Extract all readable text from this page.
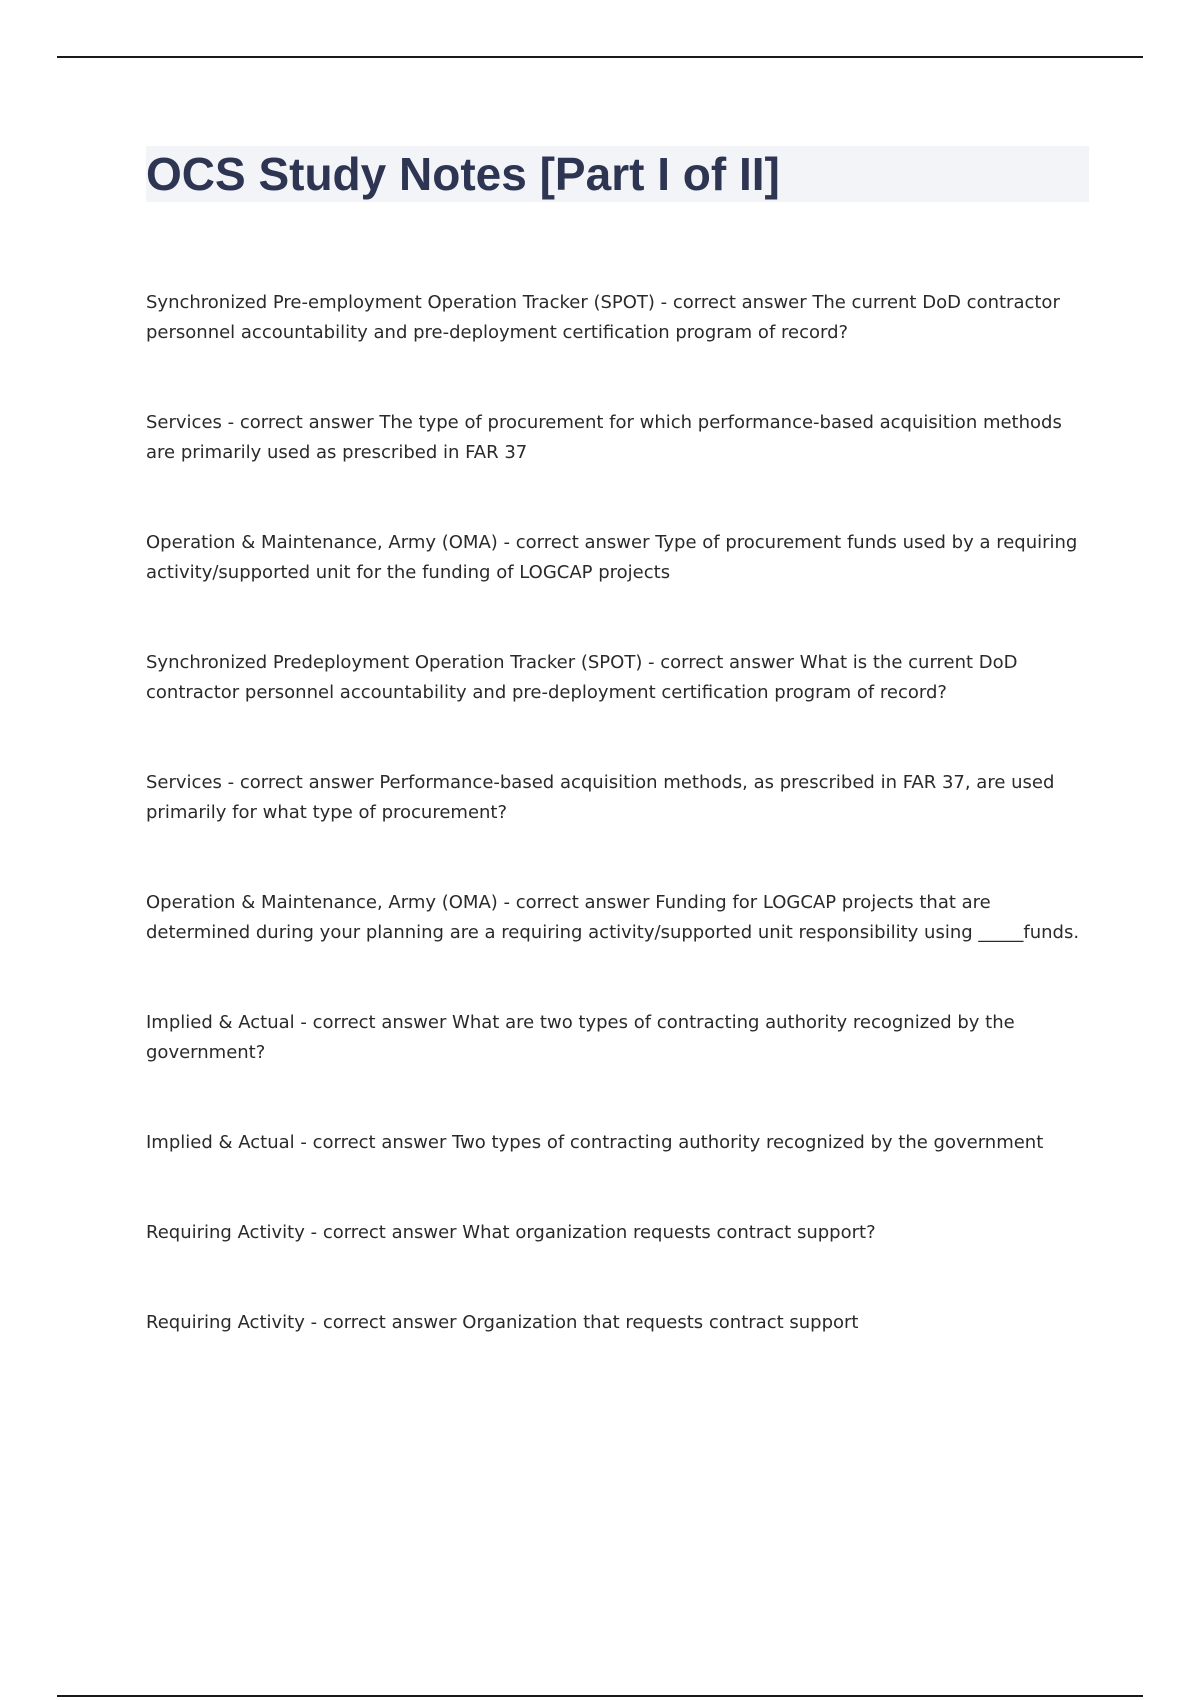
OCS Study Notes [Part I of II]

Synchronized Pre-employment Operation Tracker (SPOT) - correct answer The current DoD contractor personnel accountability and pre-deployment certification program of record?

Services - correct answer The type of procurement for which performance-based acquisition methods are primarily used as prescribed in FAR 37

Operation & Maintenance, Army (OMA) - correct answer Type of procurement funds used by a requiring activity/supported unit for the funding of LOGCAP projects

Synchronized Predeployment Operation Tracker (SPOT) - correct answer What is the current DoD contractor personnel accountability and pre-deployment certification program of record?

Services - correct answer Performance-based acquisition methods, as prescribed in FAR 37, are used primarily for what type of procurement?

Operation & Maintenance, Army (OMA) - correct answer Funding for LOGCAP projects that are determined during your planning are a requiring activity/supported unit responsibility using _____funds.

Implied & Actual - correct answer What are two types of contracting authority recognized by the government?

Implied & Actual - correct answer Two types of contracting authority recognized by the government

Requiring Activity - correct answer What organization requests contract support?

Requiring Activity - correct answer Organization that requests contract support
